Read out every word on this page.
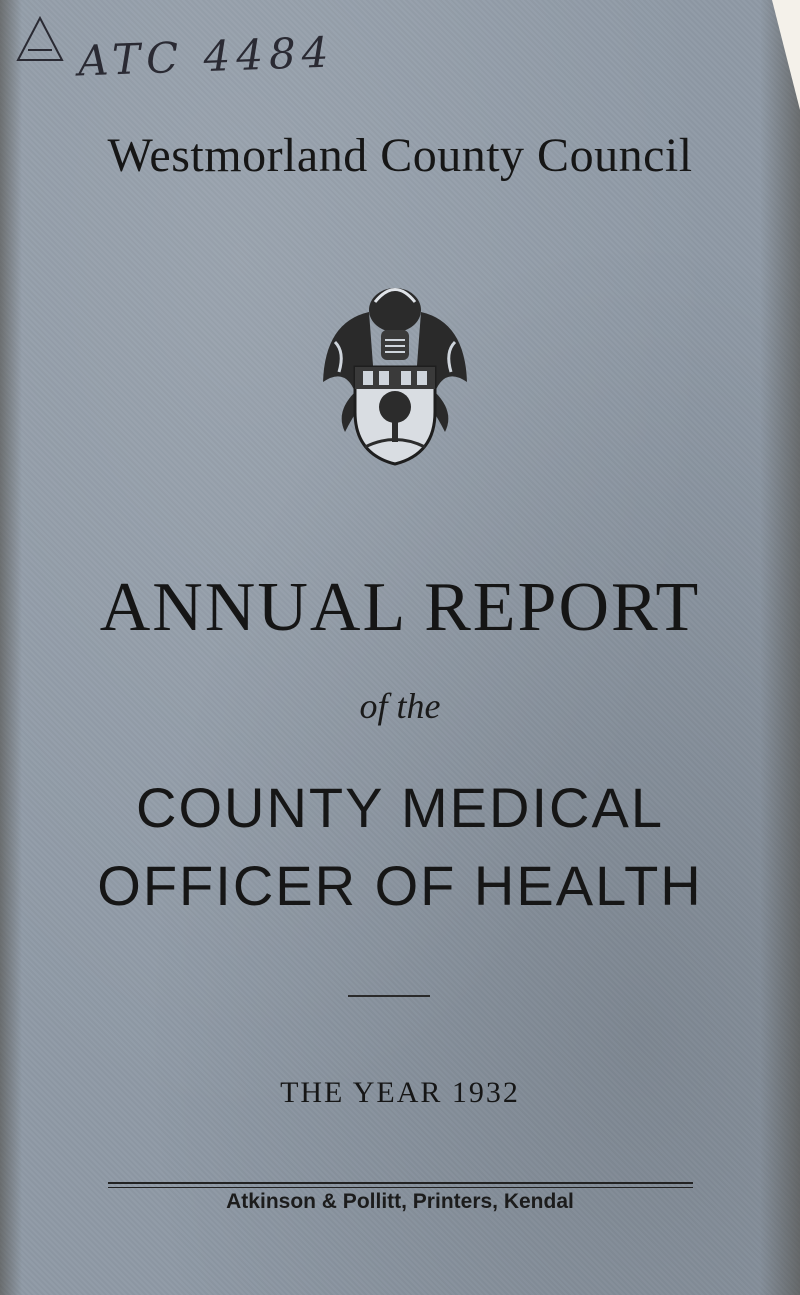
ATC 4484
Westmorland County Council
ANNUAL REPORT
of the
COUNTY MEDICAL
OFFICER OF HEALTH
THE YEAR 1932
Atkinson & Pollitt, Printers, Kendal
